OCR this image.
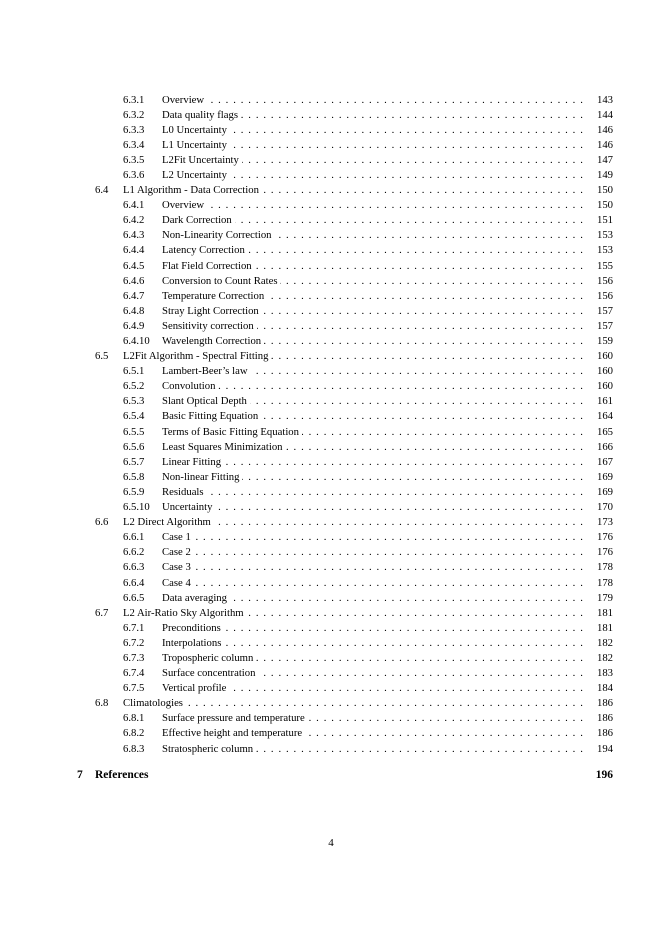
6.3.1 . . . Overview	143
6.3.2 . . . Data quality flags	144
6.3.3 . . . L0 Uncertainty	146
6.3.4 . . . L1 Uncertainty	146
6.3.5 . . . L2Fit Uncertainty	147
6.3.6 . . . L2 Uncertainty	149
6.4 . . . L1 Algorithm - Data Correction	150
6.4.1 . . . Overview	150
6.4.2 . . . Dark Correction	151
6.4.3 . . . Non-Linearity Correction	153
6.4.4 . . . Latency Correction	153
6.4.5 . . . Flat Field Correction	155
6.4.6 . . . Conversion to Count Rates	156
6.4.7 . . . Temperature Correction	156
6.4.8 . . . Stray Light Correction	157
6.4.9 . . . Sensitivity correction	157
6.4.10 . . . Wavelength Correction	159
6.5 . . . L2Fit Algorithm - Spectral Fitting	160
6.5.1 . . . Lambert-Beer’s law	160
6.5.2 . . . Convolution	160
6.5.3 . . . Slant Optical Depth	161
6.5.4 . . . Basic Fitting Equation	164
6.5.5 . . . Terms of Basic Fitting Equation	165
6.5.6 . . . Least Squares Minimization	166
6.5.7 . . . Linear Fitting	167
6.5.8 . . . Non-linear Fitting	169
6.5.9 . . . Residuals	169
6.5.10 . . . Uncertainty	170
6.6 . . . L2 Direct Algorithm	173
6.6.1 . . . Case 1	176
6.6.2 . . . Case 2	176
6.6.3 . . . Case 3	178
6.6.4 . . . Case 4	178
6.6.5 . . . Data averaging	179
6.7 . . . L2 Air-Ratio Sky Algorithm	181
6.7.1 . . . Preconditions	181
6.7.2 . . . Interpolations	182
6.7.3 . . . Tropospheric column	182
6.7.4 . . . Surface concentration	183
6.7.5 . . . Vertical profile	184
6.8 . . . Climatologies	186
6.8.1 . . . Surface pressure and temperature	186
6.8.2 . . . Effective height and temperature	186
6.8.3 . . . Stratospheric column	194
7 References	196
4
